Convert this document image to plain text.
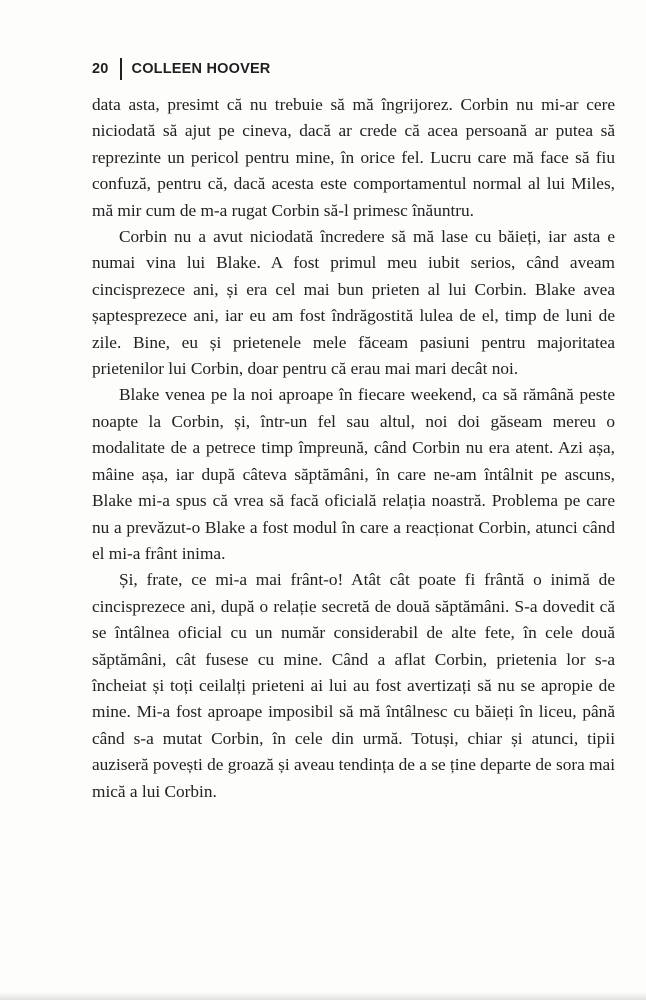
20 COLLEEN HOOVER

data asta, presimt că nu trebuie să mă îngrijorez. Corbin nu mi-ar cere niciodată să ajut pe cineva, dacă ar crede că acea persoană ar putea să reprezinte un pericol pentru mine, în orice fel. Lucru care mă face să fiu confuză, pentru că, dacă acesta este comportamentul normal al lui Miles, mă mir cum de m-a rugat Corbin să-l primesc înăuntru.

Corbin nu a avut niciodată încredere să mă lase cu băieți, iar asta e numai vina lui Blake. A fost primul meu iubit serios, când aveam cincisprezece ani, și era cel mai bun prieten al lui Corbin. Blake avea șaptesprezece ani, iar eu am fost îndrăgostită lulea de el, timp de luni de zile. Bine, eu și prietenele mele făceam pasiuni pentru majoritatea prietenilor lui Corbin, doar pentru că erau mai mari decât noi.

Blake venea pe la noi aproape în fiecare weekend, ca să rămână peste noapte la Corbin, și, într-un fel sau altul, noi doi găseam mereu o modalitate de a petrece timp împreună, când Corbin nu era atent. Azi așa, mâine așa, iar după câteva săptămâni, în care ne-am întâlnit pe ascuns, Blake mi-a spus că vrea să facă oficială relația noastră. Problema pe care nu a prevăzut-o Blake a fost modul în care a reacționat Corbin, atunci când el mi-a frânt inima.

Și, frate, ce mi-a mai frânt-o! Atât cât poate fi frântă o inimă de cincisprezece ani, după o relație secretă de două săptămâni. S-a dovedit că se întâlnea oficial cu un număr considerabil de alte fete, în cele două săptămâni, cât fusese cu mine. Când a aflat Corbin, prietenia lor s-a încheiat și toți ceilalți prieteni ai lui au fost avertizați să nu se apropie de mine. Mi-a fost aproape imposibil să mă întâlnesc cu băieți în liceu, până când s-a mutat Corbin, în cele din urmă. Totuși, chiar și atunci, tipii auziseră povești de groază și aveau tendința de a se ține departe de sora mai mică a lui Corbin.
